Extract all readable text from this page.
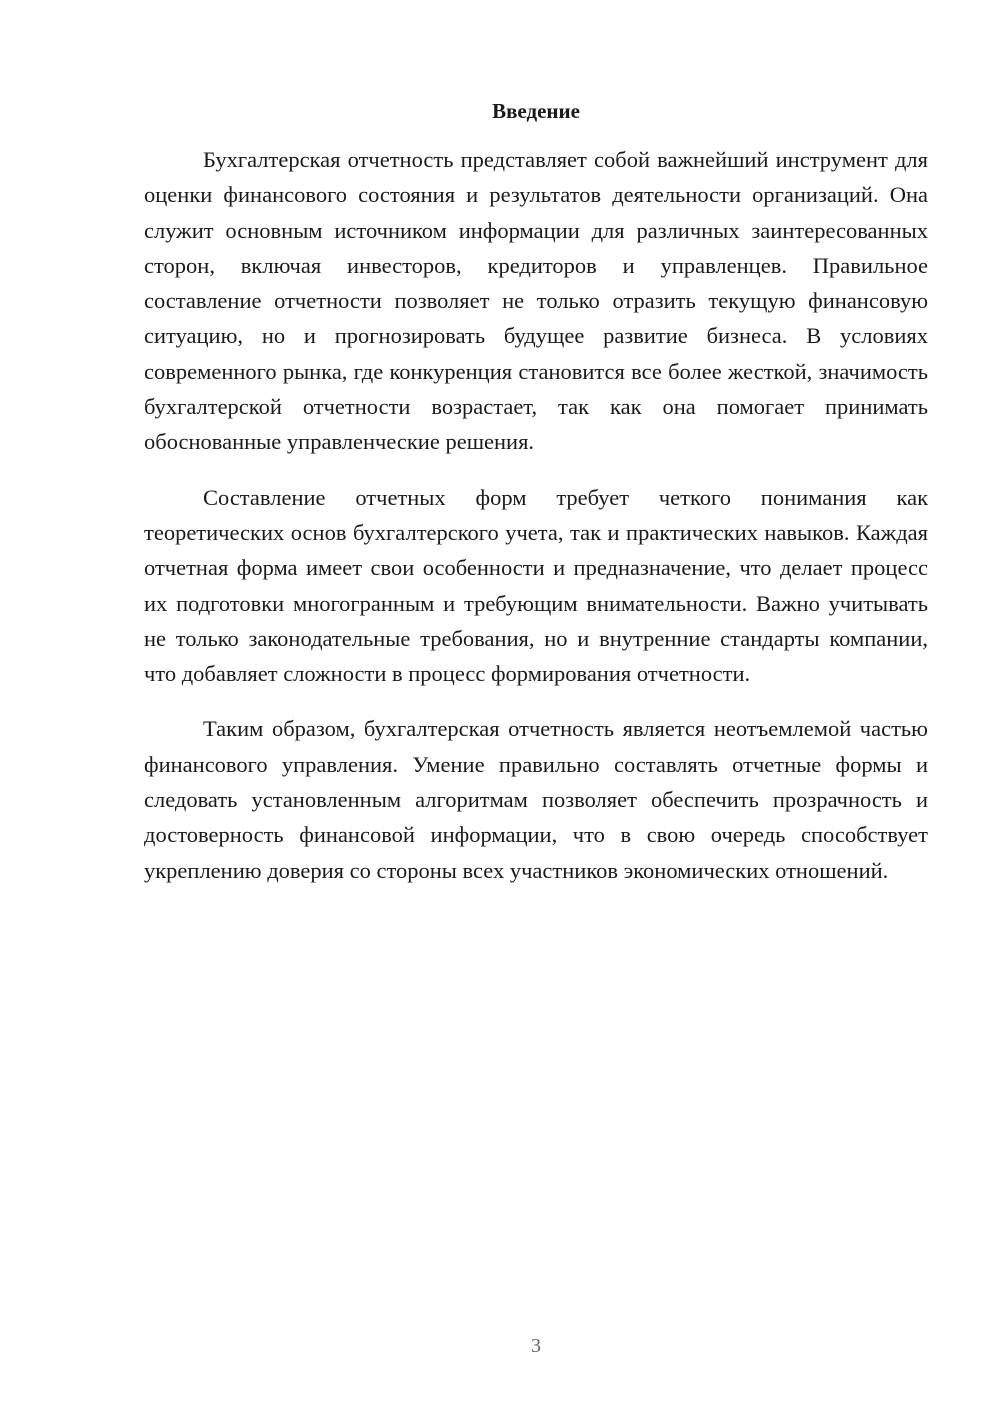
Введение

Бухгалтерская отчетность представляет собой важнейший инструмент для оценки финансового состояния и результатов деятельности организаций. Она служит основным источником информации для различных заинтересованных сторон, включая инвесторов, кредиторов и управленцев. Правильное составление отчетности позволяет не только отразить текущую финансовую ситуацию, но и прогнозировать будущее развитие бизнеса. В условиях современного рынка, где конкуренция становится все более жесткой, значимость бухгалтерской отчетности возрастает, так как она помогает принимать обоснованные управленческие решения.

Составление отчетных форм требует четкого понимания как теоретических основ бухгалтерского учета, так и практических навыков. Каждая отчетная форма имеет свои особенности и предназначение, что делает процесс их подготовки многогранным и требующим внимательности. Важно учитывать не только законодательные требования, но и внутренние стандарты компании, что добавляет сложности в процесс формирования отчетности.

Таким образом, бухгалтерская отчетность является неотъемлемой частью финансового управления. Умение правильно составлять отчетные формы и следовать установленным алгоритмам позволяет обеспечить прозрачность и достоверность финансовой информации, что в свою очередь способствует укреплению доверия со стороны всех участников экономических отношений.

3
